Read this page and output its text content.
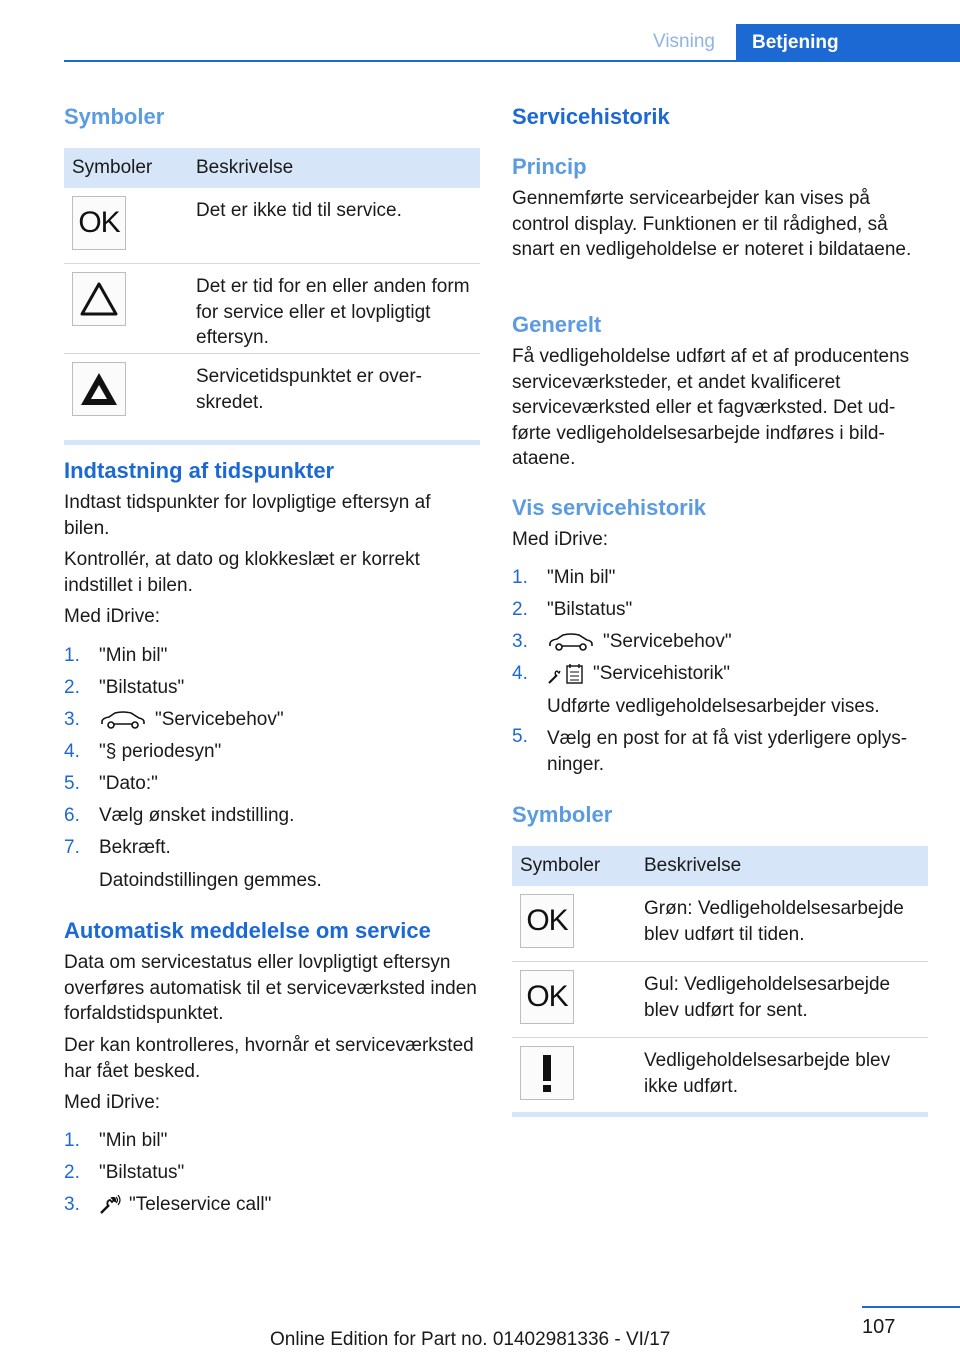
Visning	Betjening
Symboler
Symboler	Beskrivelse
OK	Det er ikke tid til service.
Det er tid for en eller anden form for service eller et lovpligtigt eftersyn.
Servicetidspunktet er overskredet.
Indtastning af tidspunkter
Indtast tidspunkter for lovpligtige eftersyn af bilen.
Kontrollér, at dato og klokkeslæt er korrekt indstillet i bilen.
Med iDrive:
1.	"Min bil"
2.	"Bilstatus"
3.	"Servicebehov"
4.	"§ periodesyn"
5.	"Dato:"
6.	Vælg ønsket indstilling.
7.	Bekræft.
Datoindstillingen gemmes.
Automatisk meddelelse om service
Data om servicestatus eller lovpligtigt eftersyn overføres automatisk til et serviceværksted inden forfaldstidspunktet.
Der kan kontrolleres, hvornår et serviceværksted har fået besked.
Med iDrive:
1.	"Min bil"
2.	"Bilstatus"
3.	"Teleservice call"
Servicehistorik
Princip
Gennemførte servicearbejder kan vises på control display. Funktionen er til rådighed, så snart en vedligeholdelse er noteret i bildataene.
Generelt
Få vedligeholdelse udført af et af producentens serviceværksteder, et andet kvalificeret serviceværksted eller et fagværksted. Det udførte vedligeholdelsesarbejde indføres i bildataene.
Vis servicehistorik
Med iDrive:
1.	"Min bil"
2.	"Bilstatus"
3.	"Servicebehov"
4.	"Servicehistorik"
Udførte vedligeholdelsesarbejder vises.
5.	Vælg en post for at få vist yderligere oplysninger.
Symboler
Symboler	Beskrivelse
OK	Grøn: Vedligeholdelsesarbejde blev udført til tiden.
OK	Gul: Vedligeholdelsesarbejde blev udført for sent.
Vedligeholdelsesarbejde blev ikke udført.
107
Online Edition for Part no. 01402981336 - VI/17
